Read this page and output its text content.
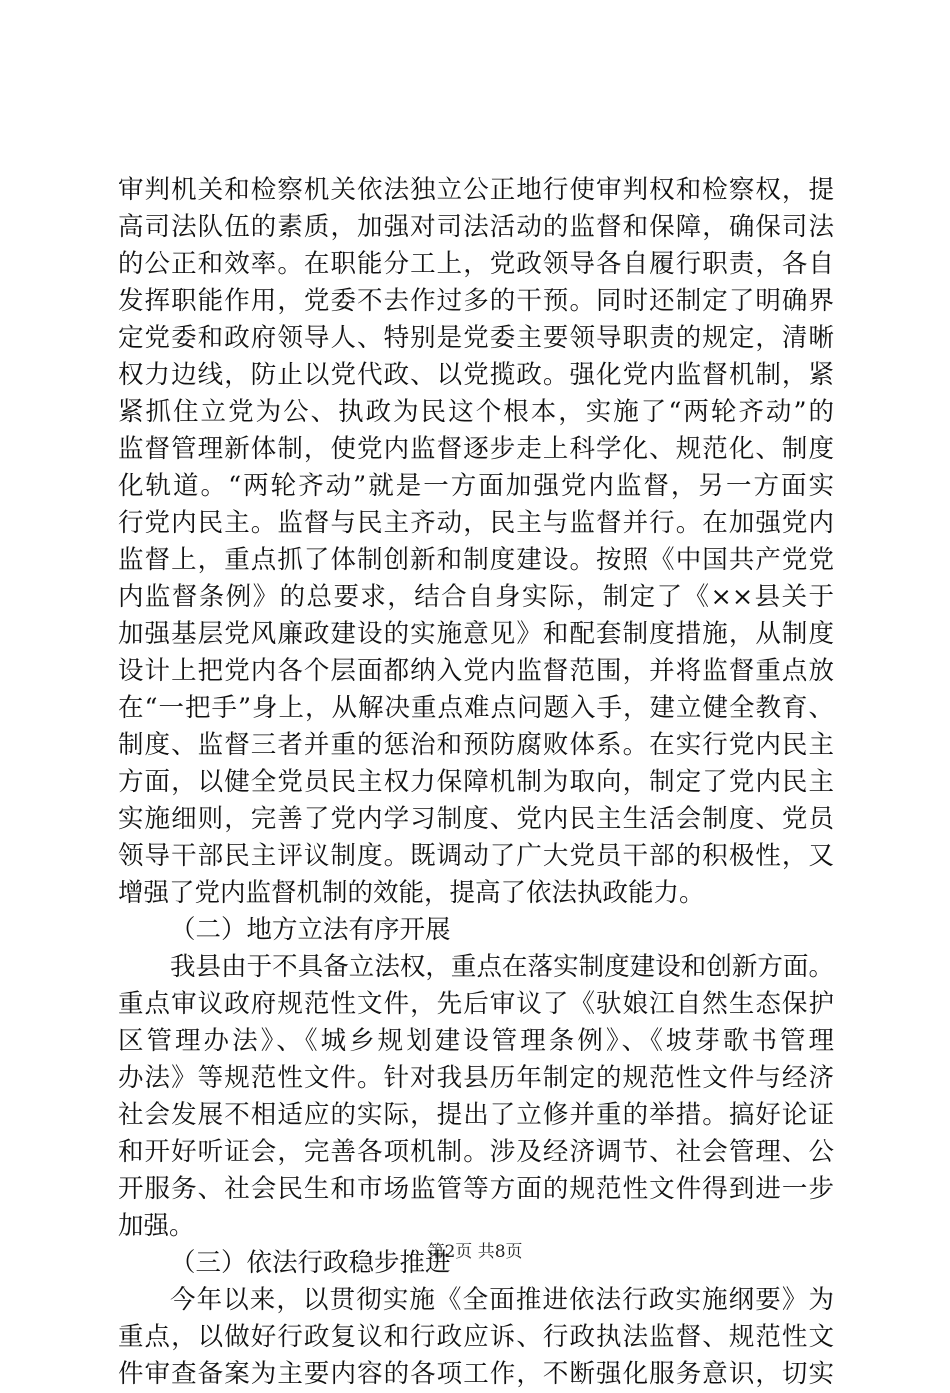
审判机关和检察机关依法独立公正地行使审判权和检察权，提
高司法队伍的素质，加强对司法活动的监督和保障，确保司法
的公正和效率。在职能分工上，党政领导各自履行职责，各自
发挥职能作用，党委不去作过多的干预。同时还制定了明确界
定党委和政府领导人、特别是党委主要领导职责的规定，清晰
权力边线，防止以党代政、以党揽政。强化党内监督机制，紧
紧抓住立党为公、执政为民这个根本，实施了“两轮齐动”的
监督管理新体制，使党内监督逐步走上科学化、规范化、制度
化轨道。“两轮齐动”就是一方面加强党内监督，另一方面实
行党内民主。监督与民主齐动，民主与监督并行。在加强党内
监督上，重点抓了体制创新和制度建设。按照《中国共产党党
内监督条例》的总要求，结合自身实际，制定了《××县关于
加强基层党风廉政建设的实施意见》和配套制度措施，从制度
设计上把党内各个层面都纳入党内监督范围，并将监督重点放
在“一把手”身上，从解决重点难点问题入手，建立健全教育、
制度、监督三者并重的惩治和预防腐败体系。在实行党内民主
方面，以健全党员民主权力保障机制为取向，制定了党内民主
实施细则，完善了党内学习制度、党内民主生活会制度、党员
领导干部民主评议制度。既调动了广大党员干部的积极性，又
增强了党内监督机制的效能，提高了依法执政能力。
（二）地方立法有序开展
我县由于不具备立法权，重点在落实制度建设和创新方面。
重点审议政府规范性文件，先后审议了《驮娘江自然生态保护
区管理办法》、《城乡规划建设管理条例》、《坡芽歌书管理
办法》等规范性文件。针对我县历年制定的规范性文件与经济
社会发展不相适应的实际，提出了立修并重的举措。搞好论证
和开好听证会，完善各项机制。涉及经济调节、社会管理、公
开服务、社会民生和市场监管等方面的规范性文件得到进一步
加强。
（三）依法行政稳步推进
今年以来，以贯彻实施《全面推进依法行政实施纲要》为
重点，以做好行政复议和行政应诉、行政执法监督、规范性文
件审查备案为主要内容的各项工作，不断强化服务意识，切实
第2页 共8页
